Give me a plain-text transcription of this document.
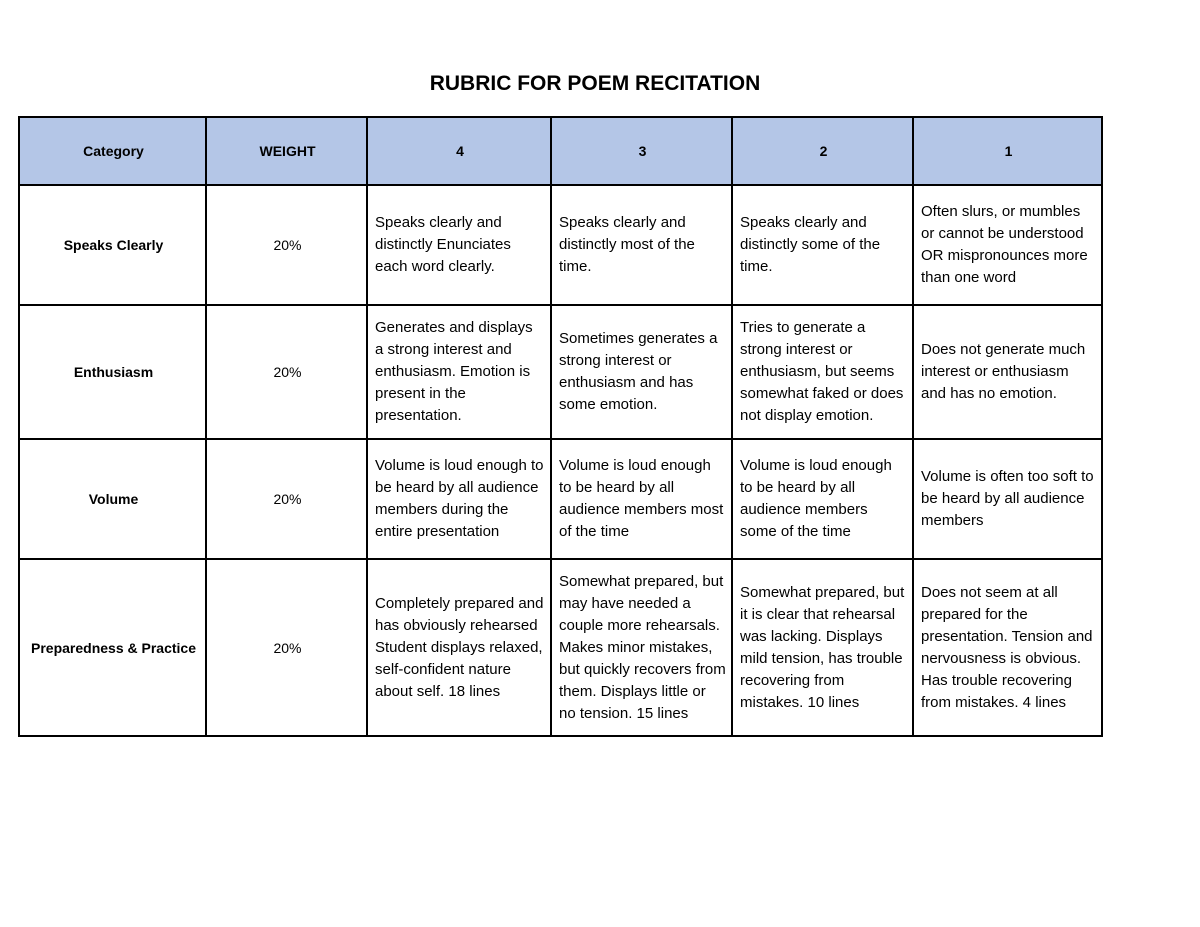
RUBRIC FOR POEM RECITATION
Category	WEIGHT	4	3	2	1
Speaks Clearly	20%	Speaks clearly and distinctly Enunciates each word clearly.	Speaks clearly and distinctly most of the time.	Speaks clearly and distinctly some of the time.	Often slurs, or mumbles or cannot be understood OR mispronounces more than one word
Enthusiasm	20%	Generates and displays a strong interest and enthusiasm. Emotion is present in the presentation.	Sometimes generates a strong interest or enthusiasm and has some emotion.	Tries to generate a strong interest or enthusiasm, but seems somewhat faked or does not display emotion.	Does not generate much interest or enthusiasm and has no emotion.
Volume	20%	Volume is loud enough to be heard by all audience members during the entire presentation	Volume is loud enough to be heard by all audience members most of the time	Volume is loud enough to be heard by all audience members some of the time	Volume is often too soft to be heard by all audience members
Preparedness & Practice	20%	Completely prepared and has obviously rehearsed Student displays relaxed, self-confident nature about self. 18 lines	Somewhat prepared, but may have needed a couple more rehearsals. Makes minor mistakes, but quickly recovers from them. Displays little or no tension. 15 lines	Somewhat prepared, but it is clear that rehearsal was lacking. Displays mild tension, has trouble recovering from mistakes. 10 lines	Does not seem at all prepared for the presentation. Tension and nervousness is obvious. Has trouble recovering from mistakes. 4 lines
